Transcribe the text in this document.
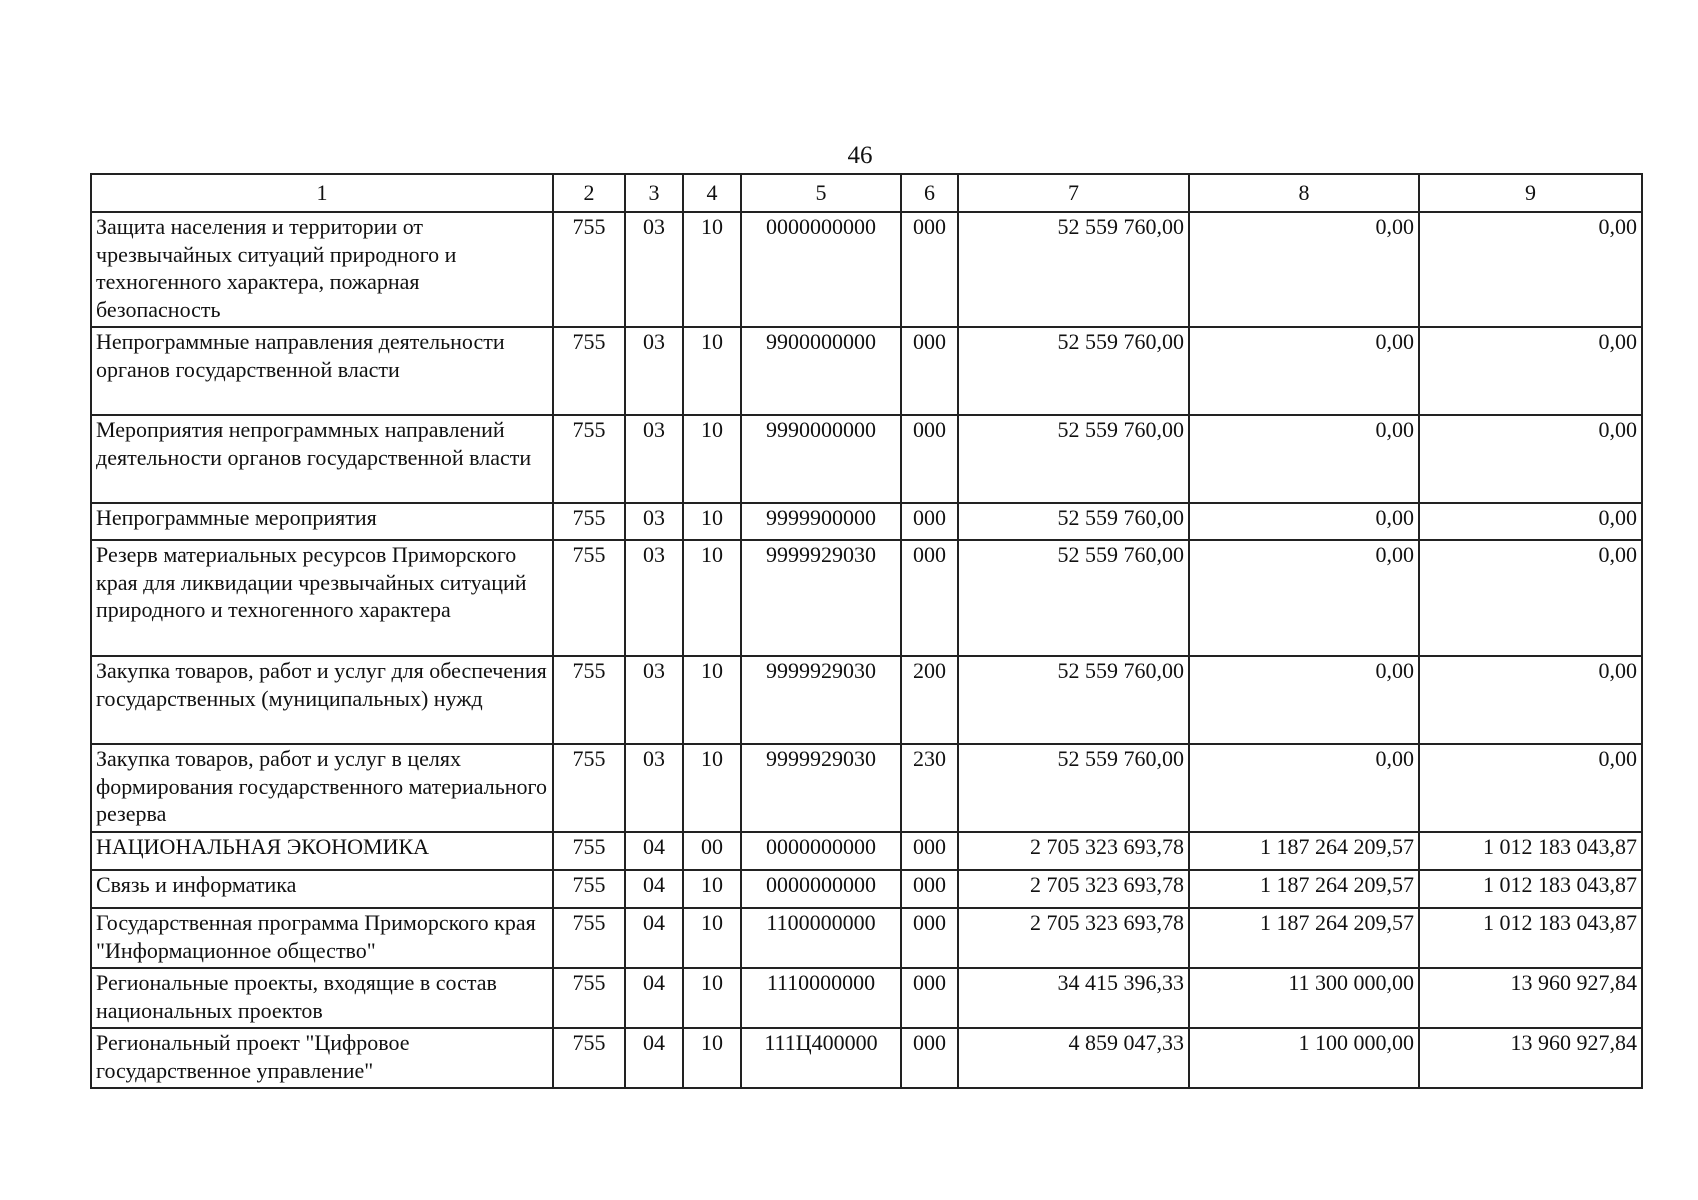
46
1	2	3	4	5	6	7	8	9
Защита населения и территории от чрезвычайных ситуаций природного и техногенного характера, пожарная безопасность	755	03	10	0000000000	000	52 559 760,00	0,00	0,00
Непрограммные направления деятельности органов государственной власти	755	03	10	9900000000	000	52 559 760,00	0,00	0,00
Мероприятия непрограммных направлений деятельности органов государственной власти	755	03	10	9990000000	000	52 559 760,00	0,00	0,00
Непрограммные мероприятия	755	03	10	9999900000	000	52 559 760,00	0,00	0,00
Резерв материальных ресурсов Приморского края для ликвидации чрезвычайных ситуаций природного и техногенного характера	755	03	10	9999929030	000	52 559 760,00	0,00	0,00
Закупка товаров, работ и услуг для обеспечения государственных (муниципальных) нужд	755	03	10	9999929030	200	52 559 760,00	0,00	0,00
Закупка товаров, работ и услуг в целях формирования государственного материального резерва	755	03	10	9999929030	230	52 559 760,00	0,00	0,00
НАЦИОНАЛЬНАЯ ЭКОНОМИКА	755	04	00	0000000000	000	2 705 323 693,78	1 187 264 209,57	1 012 183 043,87
Связь и информатика	755	04	10	0000000000	000	2 705 323 693,78	1 187 264 209,57	1 012 183 043,87
Государственная программа Приморского края "Информационное общество"	755	04	10	1100000000	000	2 705 323 693,78	1 187 264 209,57	1 012 183 043,87
Региональные проекты, входящие в состав национальных проектов	755	04	10	1110000000	000	34 415 396,33	11 300 000,00	13 960 927,84
Региональный проект "Цифровое государственное управление"	755	04	10	111Ц400000	000	4 859 047,33	1 100 000,00	13 960 927,84
